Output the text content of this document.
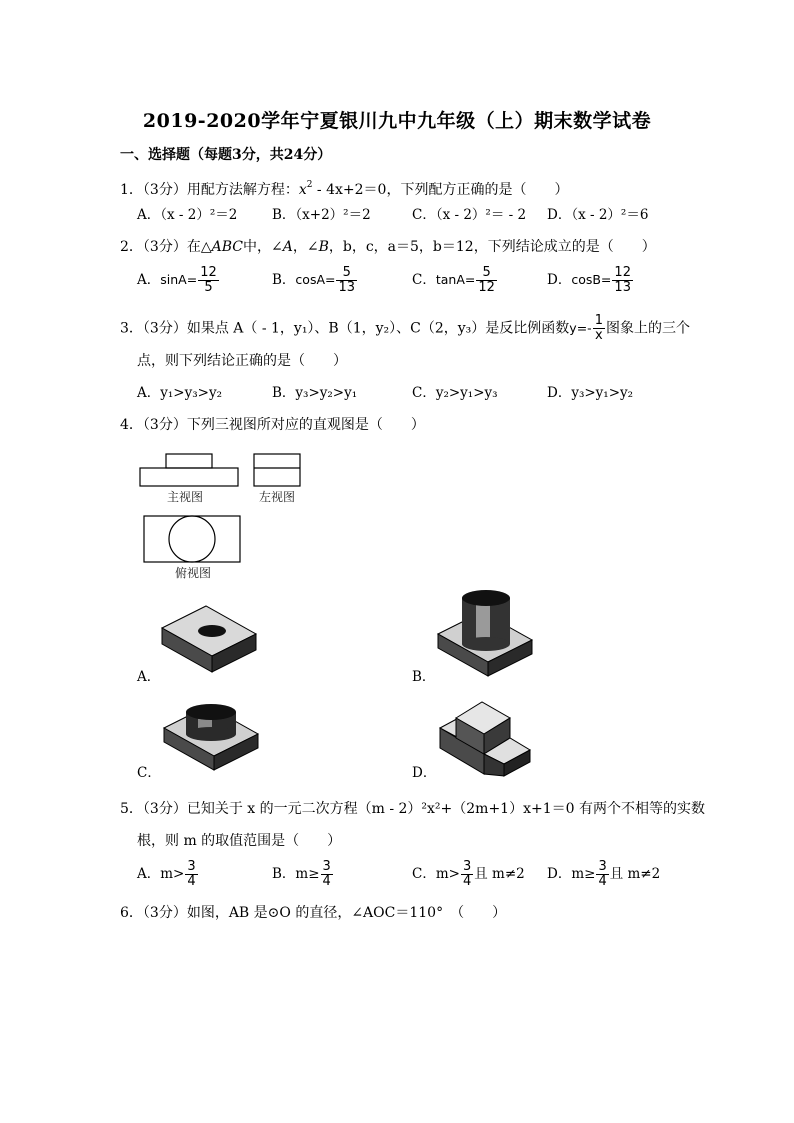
2019-2020学年宁夏银川九中九年级（上）期末数学试卷
一、选择题（每题3分，共24分）
1．（3分）用配方法解方程：$x^2 - 4x+2=0$，下列配方正确的是（　　）
A．（x - 2）²＝2	B．（x+2）²＝2	C．（x - 2）²＝ - 2 D．（x - 2）²＝6
2．（3分）在△ABC中，∠A，∠B，b，c，a＝5，b＝12，下列结论成立的是（　　）
A．$\sin A= \frac{12}{5}$	B．$\cos A= \frac{5}{13}$	C．$\tan A= \frac{5}{12}$	D．$\cos B= \frac{12}{13}$
3．（3分）如果点 A（ - 1，y₁）、B（1，y₂）、C（2，y₃）是反比例函数$y=- \frac{1}{x}$ 图象上的三个
点，则下列结论正确的是（　　）
A．y₁>y₃>y₂	B．y₃>y₂>y₁	C．y₂>y₁>y₃	D．y₃>y₁>y₂
4．（3分）下列三视图所对应的直观图是（　　）
主视图	左视图
俯视图
A．	B．
C．	D．
5．（3分）已知关于 x 的一元二次方程（m - 2）²x²+（2m+1）x+1＝0 有两个不相等的实数
根，则 m 的取值范围是（　　）
A．$m> \frac{3}{4}$	B．$m\ge \frac{3}{4}$	C．$m> \frac{3}{4}$ 且 m≠2 D．$m\ge \frac{3}{4}$ 且 m≠2
6．（3分）如图，AB 是⊙O 的直径，∠AOC＝110°　（　　）
